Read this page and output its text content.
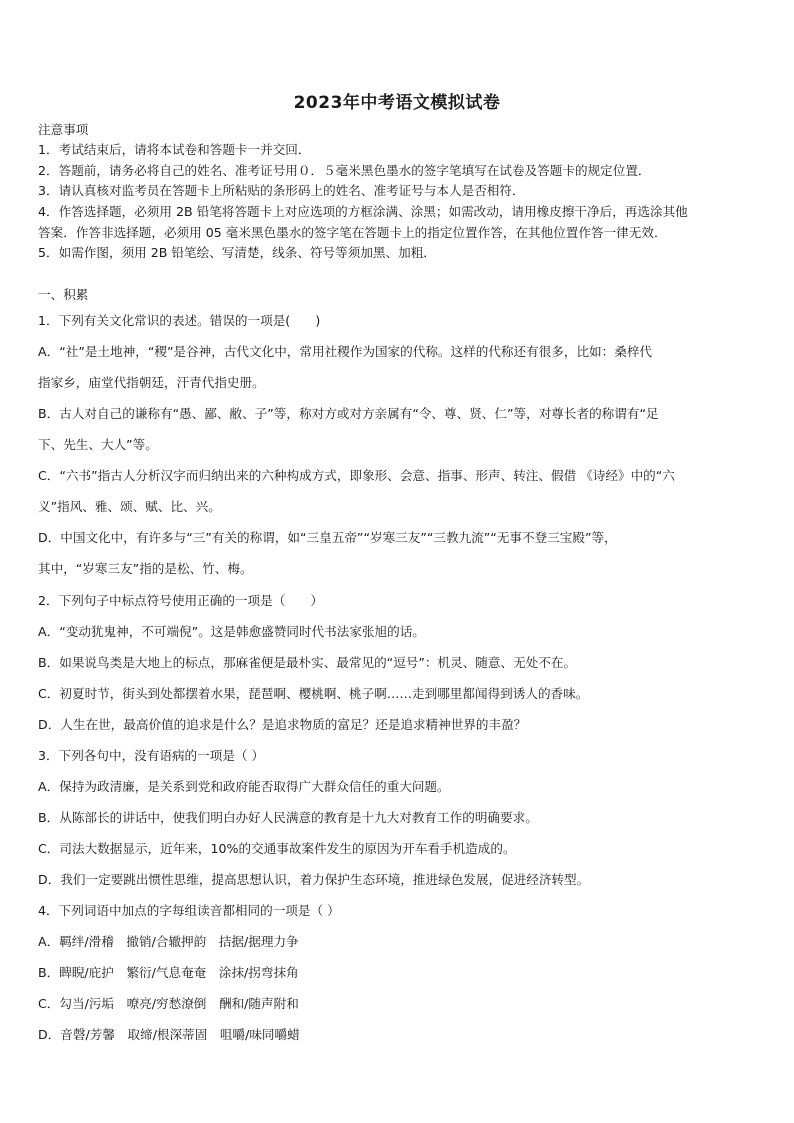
2023年中考语文模拟试卷
注意事项
1．考试结束后，请将本试卷和答题卡一并交回．
2．答题前，请务必将自己的姓名、准考证号用０．５毫米黑色墨水的签字笔填写在试卷及答题卡的规定位置．
3．请认真核对监考员在答题卡上所粘贴的条形码上的姓名、准考证号与本人是否相符．
4．作答选择题，必须用 2B 铅笔将答题卡上对应选项的方框涂满、涂黑；如需改动，请用橡皮擦干净后，再选涂其他
答案．作答非选择题，必须用 05 毫米黑色墨水的签字笔在答题卡上的指定位置作答，在其他位置作答一律无效．
5．如需作图，须用 2B 铅笔绘、写清楚，线条、符号等须加黑、加粗．
一、积累
1．下列有关文化常识的表述。错误的一项是(　　)
A．“社”是土地神，“稷”是谷神，古代文化中，常用社稷作为国家的代称。这样的代称还有很多，比如：桑梓代
指家乡，庙堂代指朝廷，汗青代指史册。
B．古人对自己的谦称有“愚、鄙、敝、子”等，称对方或对方亲属有“令、尊、贤、仁”等，对尊长者的称谓有“足
下、先生、大人”等。
C．“六书”指古人分析汉字而归纳出来的六种构成方式，即象形、会意、指事、形声、转注、假借 《诗经》中的“六
义”指风、雅、颂、赋、比、兴。
D．中国文化中，有许多与“三”有关的称谓，如“三皇五帝”“岁寒三友”“三教九流”“无事不登三宝殿”等，
其中，“岁寒三友”指的是松、竹、梅。
2．下列句子中标点符号使用正确的一项是（　　）
A．“变动犹鬼神，不可端倪”。这是韩愈盛赞同时代书法家张旭的话。
B．如果说鸟类是大地上的标点，那麻雀便是最朴实、最常见的“逗号”：机灵、随意、无处不在。
C．初夏时节，街头到处都摆着水果，琵琶啊、樱桃啊、桃子啊……走到哪里都闻得到诱人的香味。
D．人生在世，最高价值的追求是什么？是追求物质的富足？还是追求精神世界的丰盈？
3．下列各句中，没有语病的一项是（ ）
A．保持为政清廉，是关系到党和政府能否取得广大群众信任的重大问题。
B．从陈部长的讲话中，使我们明白办好人民满意的教育是十九大对教育工作的明确要求。
C．司法大数据显示，近年来，10%的交通事故案件发生的原因为开车看手机造成的。
D．我们一定要跳出惯性思维，提高思想认识，着力保护生态环境，推进绿色发展，促进经济转型。
4．下列词语中加点的字每组读音都相同的一项是（ ）
A．羁绊/滑稽　撤销/合辙押韵　拮据/据理力争
B．睥睨/庇护　繁衍/气息奄奄　涂抹/拐弯抹角
C．勾当/污垢　嘹亮/穷愁潦倒　酬和/随声附和
D．音磬/芳馨　取缔/根深蒂固　咀嚼/味同嚼蜡
